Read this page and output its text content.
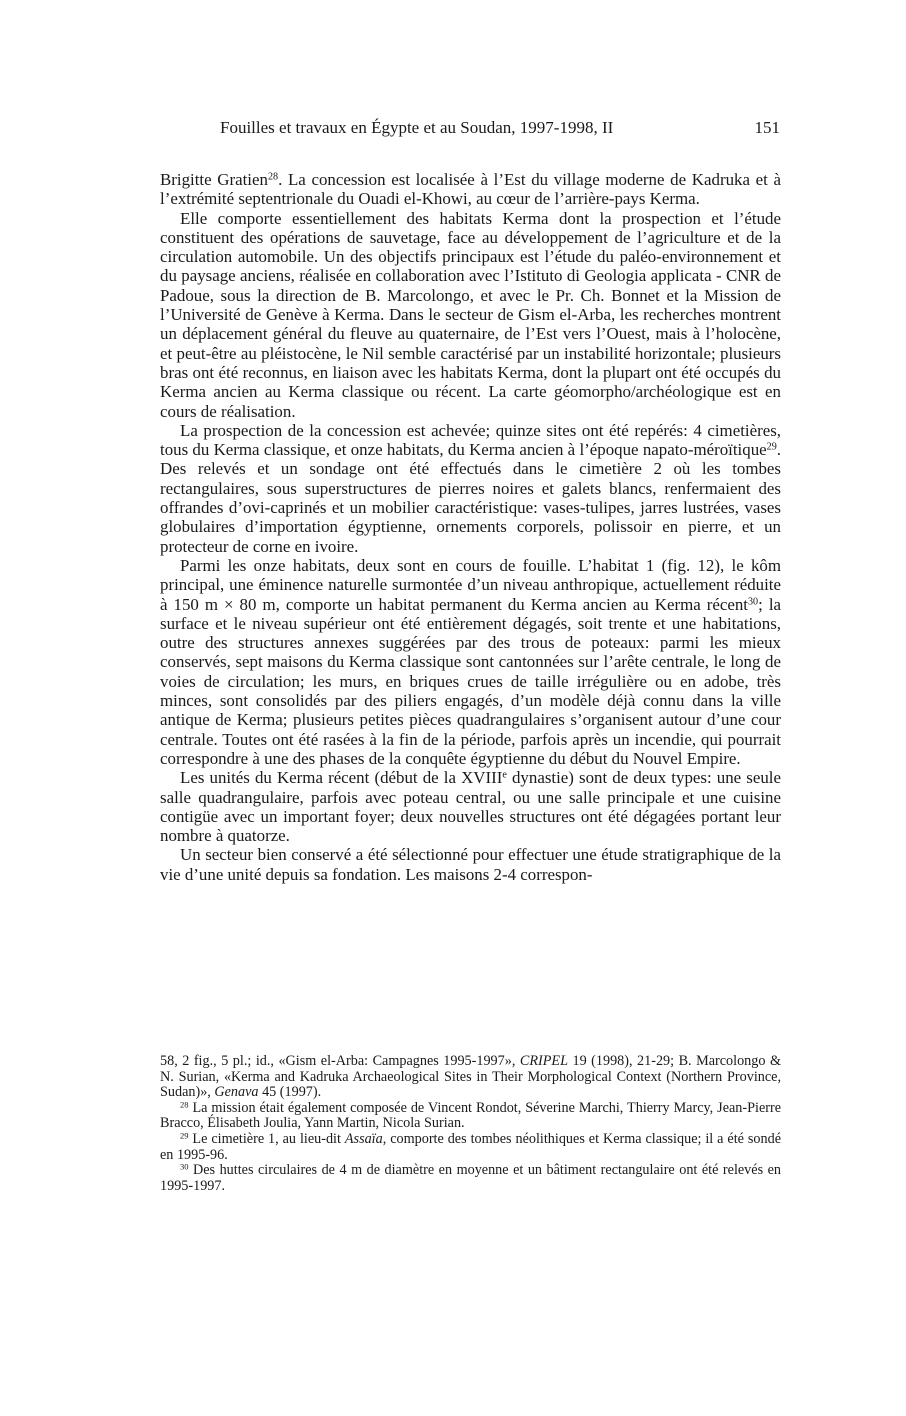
Fouilles et travaux en Égypte et au Soudan, 1997-1998, II	151

Brigitte Gratien$^{28}$. La concession est localisée à l’Est du village moderne de Kadruka et à l’extrémité septentrionale du Ouadi el-Khowi, au cœur de l’arrière-pays Kerma.

Elle comporte essentiellement des habitats Kerma dont la prospection et l’étude constituent des opérations de sauvetage, face au développement de l’agriculture et de la circulation automobile. Un des objectifs principaux est l’étude du paléo-environnement et du paysage anciens, réalisée en collaboration avec l’Istituto di Geologia applicata - CNR de Padoue, sous la direction de B. Marcolongo, et avec le Pr. Ch. Bonnet et la Mission de l’Université de Genève à Kerma. Dans le secteur de Gism el-Arba, les recherches montrent un déplacement général du fleuve au quaternaire, de l’Est vers l’Ouest, mais à l’holocène, et peut-être au pléistocène, le Nil semble caractérisé par un instabilité horizontale; plusieurs bras ont été reconnus, en liaison avec les habitats Kerma, dont la plupart ont été occupés du Kerma ancien au Kerma classique ou récent. La carte géomorpho/archéologique est en cours de réalisation.

La prospection de la concession est achevée; quinze sites ont été repérés: 4 cimetières, tous du Kerma classique, et onze habitats, du Kerma ancien à l’époque napato-méroïtique$^{29}$. Des relevés et un sondage ont été effectués dans le cimetière 2 où les tombes rectangulaires, sous superstructures de pierres noires et galets blancs, renfermaient des offrandes d’ovi-caprinés et un mobilier caractéristique: vases-tulipes, jarres lustrées, vases globulaires d’importation égyptienne, ornements corporels, polissoir en pierre, et un protecteur de corne en ivoire.

Parmi les onze habitats, deux sont en cours de fouille. L’habitat 1 (fig. 12), le kôm principal, une éminence naturelle surmontée d’un niveau anthropique, actuellement réduite à 150 m × 80 m, comporte un habitat permanent du Kerma ancien au Kerma récent$^{30}$; la surface et le niveau supérieur ont été entièrement dégagés, soit trente et une habitations, outre des structures annexes suggérées par des trous de poteaux: parmi les mieux conservés, sept maisons du Kerma classique sont cantonnées sur l’arête centrale, le long de voies de circulation; les murs, en briques crues de taille irrégulière ou en adobe, très minces, sont consolidés par des piliers engagés, d’un modèle déjà connu dans la ville antique de Kerma; plusieurs petites pièces quadrangulaires s’organisent autour d’une cour centrale. Toutes ont été rasées à la fin de la période, parfois après un incendie, qui pourrait correspondre à une des phases de la conquête égyptienne du début du Nouvel Empire.

Les unités du Kerma récent (début de la XVIIIe dynastie) sont de deux types: une seule salle quadrangulaire, parfois avec poteau central, ou une salle principale et une cuisine contigüe avec un important foyer; deux nouvelles structures ont été dégagées portant leur nombre à quatorze.

Un secteur bien conservé a été sélectionné pour effectuer une étude stratigraphique de la vie d’une unité depuis sa fondation. Les maisons 2-4 correspon-

58, 2 fig., 5 pl.; id., «Gism el-Arba: Campagnes 1995-1997», CRIPEL 19 (1998), 21-29; B. Marcolongo & N. Surian, «Kerma and Kadruka Archaeological Sites in Their Morphological Context (Northern Province, Sudan)», Genava 45 (1997).

$^{28}$ La mission était également composée de Vincent Rondot, Séverine Marchi, Thierry Marcy, Jean-Pierre Bracco, Élisabeth Joulia, Yann Martin, Nicola Surian.

$^{29}$ Le cimetière 1, au lieu-dit Assaïa, comporte des tombes néolithiques et Kerma classique; il a été sondé en 1995-96.

$^{30}$ Des huttes circulaires de 4 m de diamètre en moyenne et un bâtiment rectangulaire ont été relevés en 1995-1997.
